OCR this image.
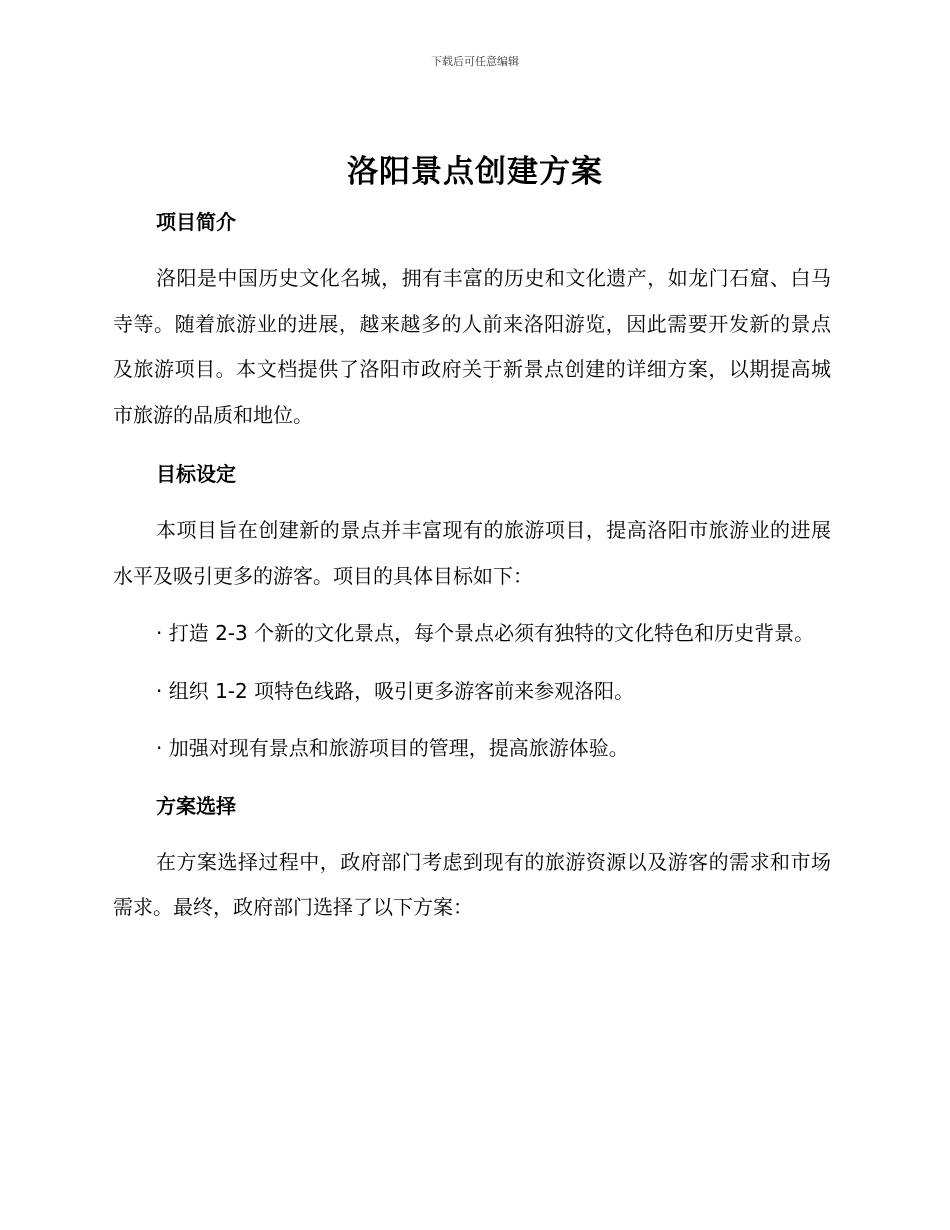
下载后可任意编辑
洛阳景点创建方案
项目简介

洛阳是中国历史文化名城，拥有丰富的历史和文化遗产，如龙门石窟、白马寺等。随着旅游业的进展，越来越多的人前来洛阳游览，因此需要开发新的景点及旅游项目。本文档提供了洛阳市政府关于新景点创建的详细方案，以期提高城市旅游的品质和地位。

目标设定

本项目旨在创建新的景点并丰富现有的旅游项目，提高洛阳市旅游业的进展水平及吸引更多的游客。项目的具体目标如下：

· 打造 2-3 个新的文化景点，每个景点必须有独特的文化特色和历史背景。

· 组织 1-2 项特色线路，吸引更多游客前来参观洛阳。

· 加强对现有景点和旅游项目的管理，提高旅游体验。

方案选择

在方案选择过程中，政府部门考虑到现有的旅游资源以及游客的需求和市场需求。最终，政府部门选择了以下方案：
